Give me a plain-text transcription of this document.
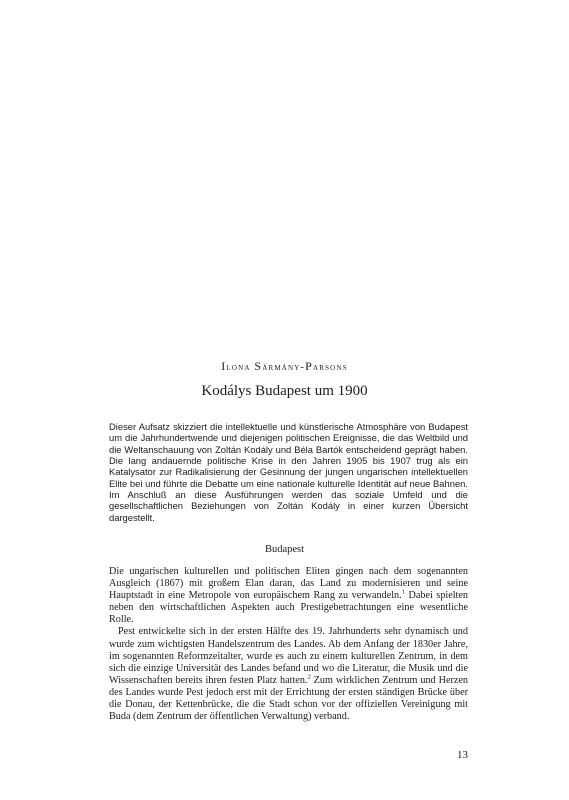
Ilona Sármány-Parsons
Kodálys Budapest um 1900

Dieser Aufsatz skizziert die intellektuelle und künstlerische Atmosphäre von Budapest um die Jahrhundertwende und diejenigen politischen Ereignisse, die das Weltbild und die Weltanschauung von Zoltán Kodály und Béla Bartók entscheidend geprägt haben. Die lang andauernde politische Krise in den Jahren 1905 bis 1907 trug als ein Katalysator zur Radikalisierung der Gesinnung der jungen ungarischen intellektuellen Elite bei und führte die Debatte um eine nationale kulturelle Identität auf neue Bahnen. Im Anschluß an diese Ausführungen werden das soziale Umfeld und die gesellschaftlichen Beziehungen von Zoltán Kodály in einer kurzen Übersicht dargestellt.

Budapest

Die ungarischen kulturellen und politischen Eliten gingen nach dem sogenannten Ausgleich (1867) mit großem Elan daran, das Land zu modernisieren und seine Hauptstadt in eine Metropole von europäischem Rang zu verwandeln.$^1$ Dabei spielten neben den wirtschaftlichen Aspekten auch Prestigebetrachtungen eine wesentliche Rolle.

Pest entwickelte sich in der ersten Hälfte des 19. Jahrhunderts sehr dynamisch und wurde zum wichtigsten Handelszentrum des Landes. Ab dem Anfang der 1830er Jahre, im sogenannten Reformzeitalter, wurde es auch zu einem kulturellen Zentrum, in dem sich die einzige Universität des Landes befand und wo die Literatur, die Musik und die Wissenschaften bereits ihren festen Platz hatten.$^2$ Zum wirklichen Zentrum und Herzen des Landes wurde Pest jedoch erst mit der Errichtung der ersten ständigen Brücke über die Donau, der Kettenbrücke, die die Stadt schon vor der offiziellen Vereinigung mit Buda (dem Zentrum der öffentlichen Verwaltung) verband.

13
